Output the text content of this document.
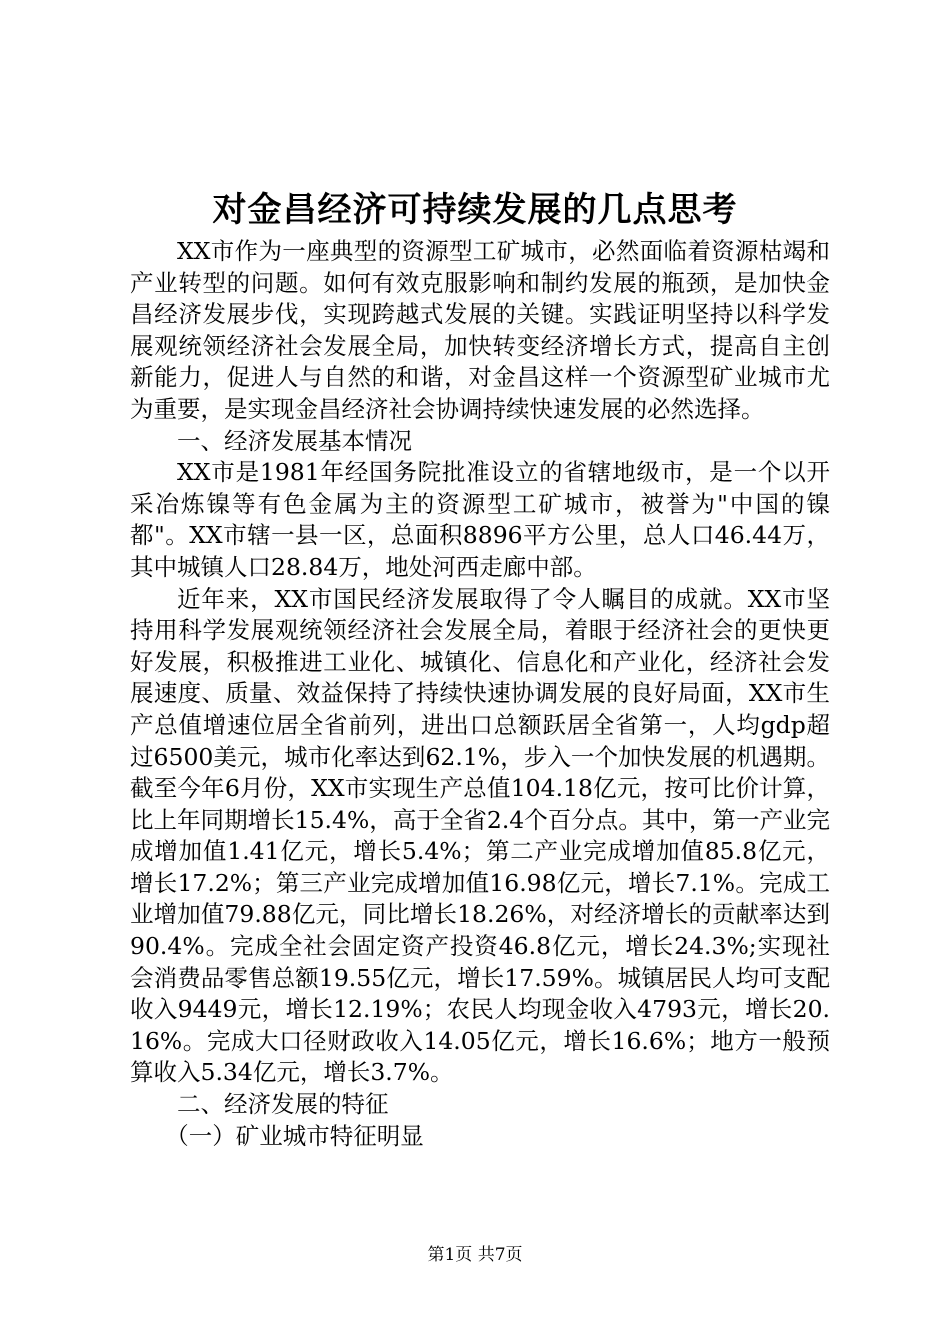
对金昌经济可持续发展的几点思考

XX市作为一座典型的资源型工矿城市，必然面临着资源枯竭和产业转型的问题。如何有效克服影响和制约发展的瓶颈，是加快金昌经济发展步伐，实现跨越式发展的关键。实践证明坚持以科学发展观统领经济社会发展全局，加快转变经济增长方式，提高自主创新能力，促进人与自然的和谐，对金昌这样一个资源型矿业城市尤为重要，是实现金昌经济社会协调持续快速发展的必然选择。

一、经济发展基本情况

XX市是1981年经国务院批准设立的省辖地级市，是一个以开采冶炼镍等有色金属为主的资源型工矿城市，被誉为"中国的镍都"。XX市辖一县一区，总面积8896平方公里，总人口46.44万，其中城镇人口28.84万，地处河西走廊中部。

近年来，XX市国民经济发展取得了令人瞩目的成就。XX市坚持用科学发展观统领经济社会发展全局，着眼于经济社会的更快更好发展，积极推进工业化、城镇化、信息化和产业化，经济社会发展速度、质量、效益保持了持续快速协调发展的良好局面，XX市生产总值增速位居全省前列，进出口总额跃居全省第一，人均gdp超过6500美元，城市化率达到62.1%，步入一个加快发展的机遇期。截至今年6月份，XX市实现生产总值104.18亿元，按可比价计算，比上年同期增长15.4%，高于全省2.4个百分点。其中，第一产业完成增加值1.41亿元，增长5.4%；第二产业完成增加值85.8亿元，增长17.2%；第三产业完成增加值16.98亿元，增长7.1%。完成工业增加值79.88亿元，同比增长18.26%，对经济增长的贡献率达到90.4%。完成全社会固定资产投资46.8亿元，增长24.3%;实现社会消费品零售总额19.55亿元，增长17.59%。城镇居民人均可支配收入9449元，增长12.19%；农民人均现金收入4793元，增长20.16%。完成大口径财政收入14.05亿元，增长16.6%；地方一般预算收入5.34亿元，增长3.7%。

二、经济发展的特征

（一）矿业城市特征明显

第1页 共7页
